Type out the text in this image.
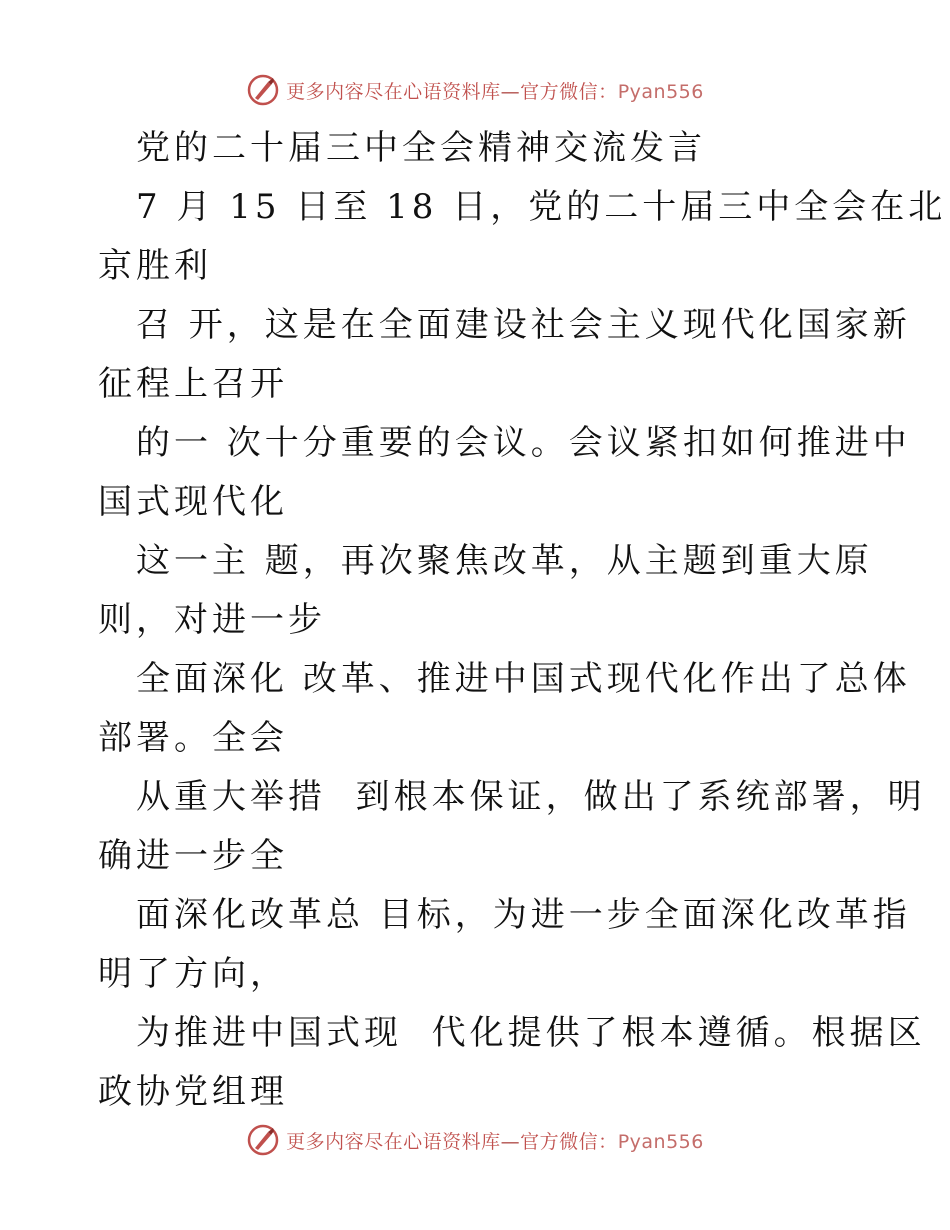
更多内容尽在心语资料库—官方微信：Pyan556
党的二十届三中全会精神交流发言
7 月 15 日至 18 日，党的二十届三中全会在北
京胜利
召 开，这是在全面建设社会主义现代化国家新
征程上召开
的一 次十分重要的会议。会议紧扣如何推进中
国式现代化
这一主 题，再次聚焦改革，从主题到重大原
则，对进一步
全面深化 改革、推进中国式现代化作出了总体
部署。全会
从重大举措  到根本保证，做出了系统部署，明
确进一步全
面深化改革总 目标，为进一步全面深化改革指
明了方向，
为推进中国式现  代化提供了根本遵循。根据区
政协党组理
更多内容尽在心语资料库—官方微信：Pyan556
